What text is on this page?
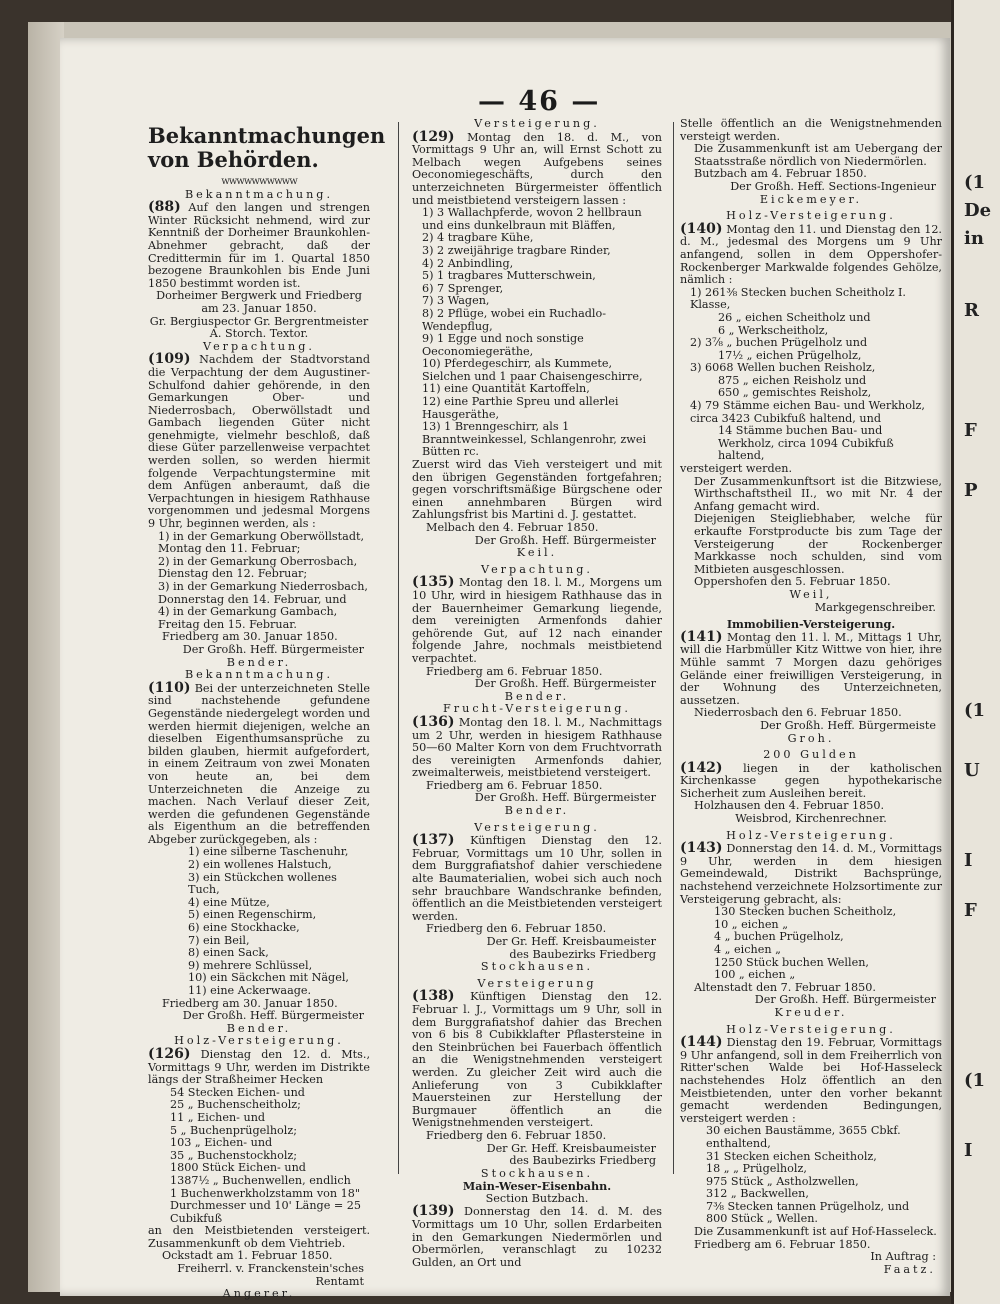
(1
De
in
R
F
P
(1
U
I
F
(1
I
— 46 —
Bekanntmachungen von Behörden.
wwwwwwwwww
Bekanntmachung.

(88) Auf den langen und strengen Winter Rücksicht nehmend, wird zur Kenntniß der Dorheimer Braunkohlen-Abnehmer gebracht, daß der Credittermin für im 1. Quartal 1850 bezogene Braunkohlen bis Ende Juni 1850 bestimmt worden ist.

Dorheimer Bergwerk und Friedberg
am 23. Januar 1850.
Gr. Bergiuspector Gr. Bergrentmeister
A. Storch. Textor.
Verpachtung.

(109) Nachdem der Stadtvorstand die Verpachtung der dem Augustiner-Schulfond dahier gehörende, in den Gemarkungen Ober- und Niederrosbach, Oberwöllstadt und Gambach liegenden Güter nicht genehmigte, vielmehr beschloß, daß diese Güter parzellenweise verpachtet werden sollen, so werden hiermit folgende Verpachtungstermine mit dem Anfügen anberaumt, daß die Verpachtungen in hiesigem Rathhause vorgenommen und jedesmal Morgens 9 Uhr, beginnen werden, als :

1) in der Gemarkung Oberwöllstadt, Montag den 11. Februar;
2) in der Gemarkung Oberrosbach, Dienstag den 12. Februar;
3) in der Gemarkung Niederrosbach, Donnerstag den 14. Februar, und
4) in der Gemarkung Gambach, Freitag den 15. Februar.
Friedberg am 30. Januar 1850.
Der Großh. Heff. Bürgermeister
Bender.
Bekanntmachung.

(110) Bei der unterzeichneten Stelle sind nachstehende gefundene Gegenstände niedergelegt worden und werden hiermit diejenigen, welche an dieselben Eigenthumsansprüche zu bilden glauben, hiermit aufgefordert, in einem Zeitraum von zwei Monaten von heute an, bei dem Unterzeichneten die Anzeige zu machen. Nach Verlauf dieser Zeit, werden die gefundenen Gegenstände als Eigenthum an die betreffenden Abgeber zurückgegeben, als :

1) eine silberne Taschenuhr,
2) ein wollenes Halstuch,
3) ein Stückchen wollenes Tuch,
4) eine Mütze,
5) einen Regenschirm,
6) eine Stockhacke,
7) ein Beil,
8) einen Sack,
9) mehrere Schlüssel,
10) ein Säckchen mit Nägel,
11) eine Ackerwaage.
Friedberg am 30. Januar 1850.
Der Großh. Heff. Bürgermeister
Bender.
Holz-Versteigerung.

(126) Dienstag den 12. d. Mts., Vormittags 9 Uhr, werden im Distrikte längs der Straßheimer Hecken

54 Stecken Eichen- und
25 „ Buchenscheitholz;
11 „ Eichen- und
5 „ Buchenprügelholz;
103 „ Eichen- und
35 „ Buchenstockholz;
1800 Stück Eichen- und
1387½ „ Buchenwellen, endlich
1 Buchenwerkholzstamm von 18" Durchmesser und 10' Länge = 25 Cubikfuß

an den Meistbietenden versteigert. Zusammenkunft ob dem Viehtrieb.

Ockstadt am 1. Februar 1850.
Freiherrl. v. Franckenstein'sches Rentamt
Angerer.
Versteigerung.

(129) Montag den 18. d. M., von Vormittags 9 Uhr an, will Ernst Schott zu Melbach wegen Aufgebens seines Oeconomiegeschäfts, durch den unterzeichneten Bürgermeister öffentlich und meistbietend versteigern lassen :

1) 3 Wallachpferde, wovon 2 hellbraun und eins dunkelbraun mit Bläffen,
2) 4 tragbare Kühe,
3) 2 zweijährige tragbare Rinder,
4) 2 Anbindling,
5) 1 tragbares Mutterschwein,
6) 7 Sprenger,
7) 3 Wagen,
8) 2 Pflüge, wobei ein Ruchadlo-Wendepflug,
9) 1 Egge und noch sonstige Oeconomiegeräthe,
10) Pferdegeschirr, als Kummete, Sielchen und 1 paar Chaisengeschirre,
11) eine Quantität Kartoffeln,
12) eine Parthie Spreu und allerlei Hausgeräthe,
13) 1 Brenngeschirr, als 1 Branntweinkessel, Schlangenrohr, zwei Bütten rc.

Zuerst wird das Vieh versteigert und mit den übrigen Gegenständen fortgefahren; gegen vorschriftsmäßige Bürgschene oder einen annehmbaren Bürgen wird Zahlungsfrist bis Martini d. J. gestattet.

Melbach den 4. Februar 1850.
Der Großh. Heff. Bürgermeister
Keil.
Verpachtung.

(135) Montag den 18. l. M., Morgens um 10 Uhr, wird in hiesigem Rathhause das in der Bauernheimer Gemarkung liegende, dem vereinigten Armenfonds dahier gehörende Gut, auf 12 nach einander folgende Jahre, nochmals meistbietend verpachtet.

Friedberg am 6. Februar 1850.
Der Großh. Heff. Bürgermeister
Bender.
Frucht-Versteigerung.

(136) Montag den 18. l. M., Nachmittags um 2 Uhr, werden in hiesigem Rathhause 50—60 Malter Korn von dem Fruchtvorrath des vereinigten Armenfonds dahier, zweimalterweis, meistbietend versteigert.

Friedberg am 6. Februar 1850.
Der Großh. Heff. Bürgermeister
Bender.
Versteigerung.

(137) Künftigen Dienstag den 12. Februar, Vormittags um 10 Uhr, sollen in dem Burggrafiatshof dahier verschiedene alte Baumaterialien, wobei sich auch noch sehr brauchbare Wandschranke befinden, öffentlich an die Meistbietenden versteigert werden.

Friedberg den 6. Februar 1850.
Der Gr. Heff. Kreisbaumeister
des Baubezirks Friedberg
Stockhausen.
Versteigerung

(138) Künftigen Dienstag den 12. Februar l. J., Vormittags um 9 Uhr, soll in dem Burggrafiatshof dahier das Brechen von 6 bis 8 Cubikklafter Pflastersteine in den Steinbrüchen bei Fauerbach öffentlich an die Wenigstnehmenden versteigert werden. Zu gleicher Zeit wird auch die Anlieferung von 3 Cubikklafter Mauersteinen zur Herstellung der Burgmauer öffentlich an die Wenigstnehmenden versteigert.

Friedberg den 6. Februar 1850.
Der Gr. Heff. Kreisbaumeister
des Baubezirks Friedberg
Stockhausen.
Main-Weser-Eisenbahn.
Section Butzbach.

(139) Donnerstag den 14. d. M. des Vormittags um 10 Uhr, sollen Erdarbeiten in den Gemarkungen Niedermörlen und Obermörlen, veranschlagt zu 10232 Gulden, an Ort und

Stelle öffentlich an die Wenigstnehmenden versteigt werden.

Die Zusammenkunft ist am Uebergang der Staatsstraße nördlich von Niedermörlen.

Butzbach am 4. Februar 1850.
Der Großh. Heff. Sections-Ingenieur
Eickemeyer.
Holz-Versteigerung.

(140) Montag den 11. und Dienstag den 12. d. M., jedesmal des Morgens um 9 Uhr anfangend, sollen in dem Oppershofer-Rockenberger Markwalde folgendes Gehölze, nämlich :

1) 261⅜ Stecken buchen Scheitholz I. Klasse,
26 „ eichen Scheitholz und
6 „ Werkscheitholz,
2) 3⅞ „ buchen Prügelholz und
17½ „ eichen Prügelholz,
3) 6068 Wellen buchen Reisholz,
875 „ eichen Reisholz und
650 „ gemischtes Reisholz,
4) 79 Stämme eichen Bau- und Werkholz, circa 3423 Cubikfuß haltend, und
14 Stämme buchen Bau- und Werkholz, circa 1094 Cubikfuß haltend,

versteigert werden.

Der Zusammenkunftsort ist die Bitzwiese, Wirthschaftstheil II., wo mit Nr. 4 der Anfang gemacht wird.

Diejenigen Steigliebhaber, welche für erkaufte Forstproducte bis zum Tage der Versteigerung der Rockenberger Markkasse noch schulden, sind vom Mitbieten ausgeschlossen.

Oppershofen den 5. Februar 1850.
Weil,
Markgegenschreiber.
Immobilien-Versteigerung.

(141) Montag den 11. l. M., Mittags 1 Uhr, will die Harbmüller Kitz Wittwe von hier, ihre Mühle sammt 7 Morgen dazu gehöriges Gelände einer freiwilligen Versteigerung, in der Wohnung des Unterzeichneten, aussetzen.

Niederrosbach den 6. Februar 1850.
Der Großh. Heff. Bürgermeiste
Groh.
200 Gulden

(142) liegen in der katholischen Kirchenkasse gegen hypothekarische Sicherheit zum Ausleihen bereit.

Holzhausen den 4. Februar 1850.
Weisbrod, Kirchenrechner.
Holz-Versteigerung.

(143) Donnerstag den 14. d. M., Vormittags 9 Uhr, werden in dem hiesigen Gemeindewald, Distrikt Bachsprünge, nachstehend verzeichnete Holzsortimente zur Versteigerung gebracht, als:

130 Stecken buchen Scheitholz,
10 „ eichen „
4 „ buchen Prügelholz,
4 „ eichen „
1250 Stück buchen Wellen,
100 „ eichen „
Altenstadt den 7. Februar 1850.
Der Großh. Heff. Bürgermeister
Kreuder.
Holz-Versteigerung.

(144) Dienstag den 19. Februar, Vormittags 9 Uhr anfangend, soll in dem Freiherrlich von Ritter'schen Walde bei Hof-Hasseleck nachstehendes Holz öffentlich an den Meistbietenden, unter den vorher bekannt gemacht werdenden Bedingungen, versteigert werden :

30 eichen Baustämme, 3655 Cbkf. enthaltend,
31 Stecken eichen Scheitholz,
18 „ „ Prügelholz,
975 Stück „ Astholzwellen,
312 „ Backwellen,
7⅜ Stecken tannen Prügelholz, und
800 Stück „ Wellen.

Die Zusammenkunft ist auf Hof-Hasseleck.

Friedberg am 6. Februar 1850.
In Auftrag :
Faatz.
